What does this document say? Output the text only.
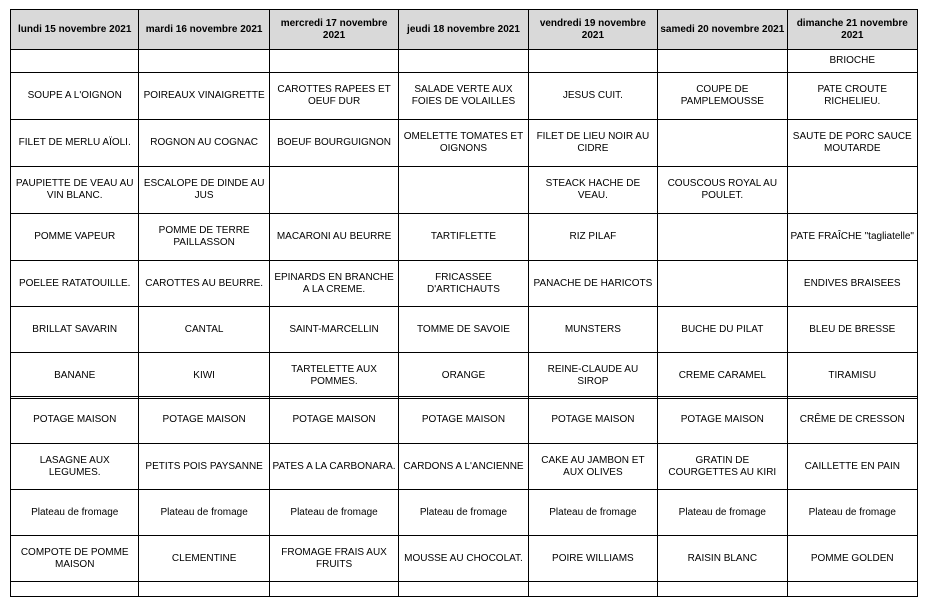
lundi 15 novembre 2021	mardi 16 novembre 2021	mercredi 17 novembre 2021	jeudi 18 novembre 2021	vendredi 19 novembre 2021	samedi 20 novembre 2021	dimanche 21 novembre 2021
						BRIOCHE
SOUPE A L'OIGNON	POIREAUX VINAIGRETTE	CAROTTES RAPEES ET OEUF DUR	SALADE VERTE AUX FOIES DE VOLAILLES	JESUS CUIT.	COUPE DE PAMPLEMOUSSE	PATE CROUTE RICHELIEU.
FILET DE MERLU AÏOLI.	ROGNON AU COGNAC	BOEUF BOURGUIGNON	OMELETTE TOMATES ET OIGNONS	FILET DE LIEU NOIR AU CIDRE		SAUTE DE PORC SAUCE MOUTARDE
PAUPIETTE DE VEAU AU VIN BLANC.	ESCALOPE DE DINDE AU JUS			STEACK HACHE DE VEAU.	COUSCOUS ROYAL AU POULET.	
POMME VAPEUR	POMME DE TERRE PAILLASSON	MACARONI AU BEURRE	TARTIFLETTE	RIZ PILAF		PATE FRAÎCHE "tagliatelle"
POELEE RATATOUILLE.	CAROTTES AU BEURRE.	EPINARDS EN BRANCHE A LA CREME.	FRICASSEE D'ARTICHAUTS	PANACHE DE HARICOTS		ENDIVES BRAISEES
BRILLAT SAVARIN	CANTAL	SAINT-MARCELLIN	TOMME DE SAVOIE	MUNSTERS	BUCHE DU PILAT	BLEU DE BRESSE
BANANE	KIWI	TARTELETTE AUX POMMES.	ORANGE	REINE-CLAUDE AU SIROP	CREME CARAMEL	TIRAMISU
POTAGE MAISON	POTAGE MAISON	POTAGE MAISON	POTAGE MAISON	POTAGE MAISON	POTAGE MAISON	CRÊME DE CRESSON
LASAGNE AUX LEGUMES.	PETITS POIS PAYSANNE	PATES A LA CARBONARA.	CARDONS A L'ANCIENNE	CAKE AU JAMBON ET AUX OLIVES	GRATIN DE COURGETTES AU KIRI	CAILLETTE EN PAIN
Plateau de fromage	Plateau de fromage	Plateau de fromage	Plateau de fromage	Plateau de fromage	Plateau de fromage	Plateau de fromage
COMPOTE DE POMME MAISON	CLEMENTINE	FROMAGE FRAIS AUX FRUITS	MOUSSE AU CHOCOLAT.	POIRE WILLIAMS	RAISIN BLANC	POMME GOLDEN
